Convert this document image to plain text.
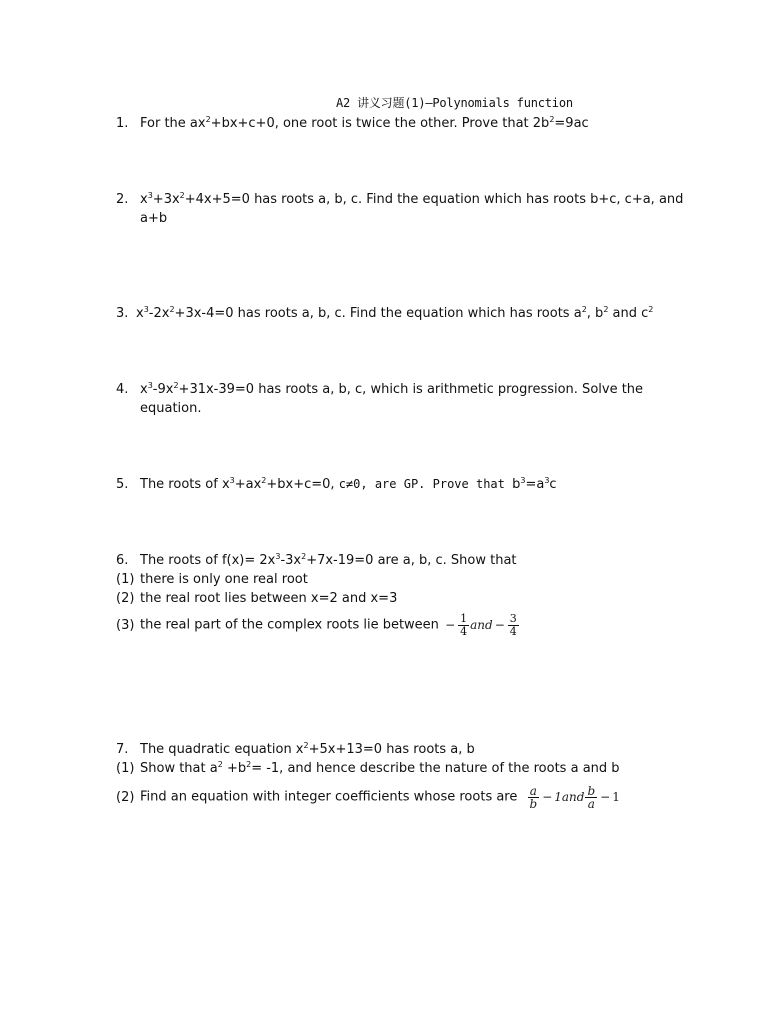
A2 讲义习题(1)—Polynomials function
1. For the $ax^2+bx+c+0$, one root is twice the other. Prove that $2b^2=9ac$
2. $x^3+3x^2+4x+5=0$ has roots a, b, c. Find the equation which has roots b+c, c+a, and
a+b
3. $x^3-2x^2+3x-4=0$ has roots a, b, c. Find the equation which has roots $a^2$, $b^2$ and $c^2$
4. $x^3-9x^2+31x-39=0$ has roots a, b, c, which is arithmetic progression. Solve the
equation.
5. The roots of $x^3+ax^2+bx+c=0$, c≠0, are GP. Prove that $b^3=a^3c$
6. The roots of $f(x)= 2x^3-3x^2+7x-19=0$ are a, b, c. Show that
(1) there is only one real root
(2) the real root lies between x=2 and x=3
(3) the real part of the complex roots lie between − $\frac{1}{4}$ and − $\frac{3}{4}$
7. The quadratic equation $x^2+5x+13=0$ has roots a, b
(1) Show that $a^2 +b^2= -1$, and hence describe the nature of the roots a and b
(2) Find an equation with integer coefficients whose roots are $\frac{a}{b} - 1and \frac{b}{a} - 1$
